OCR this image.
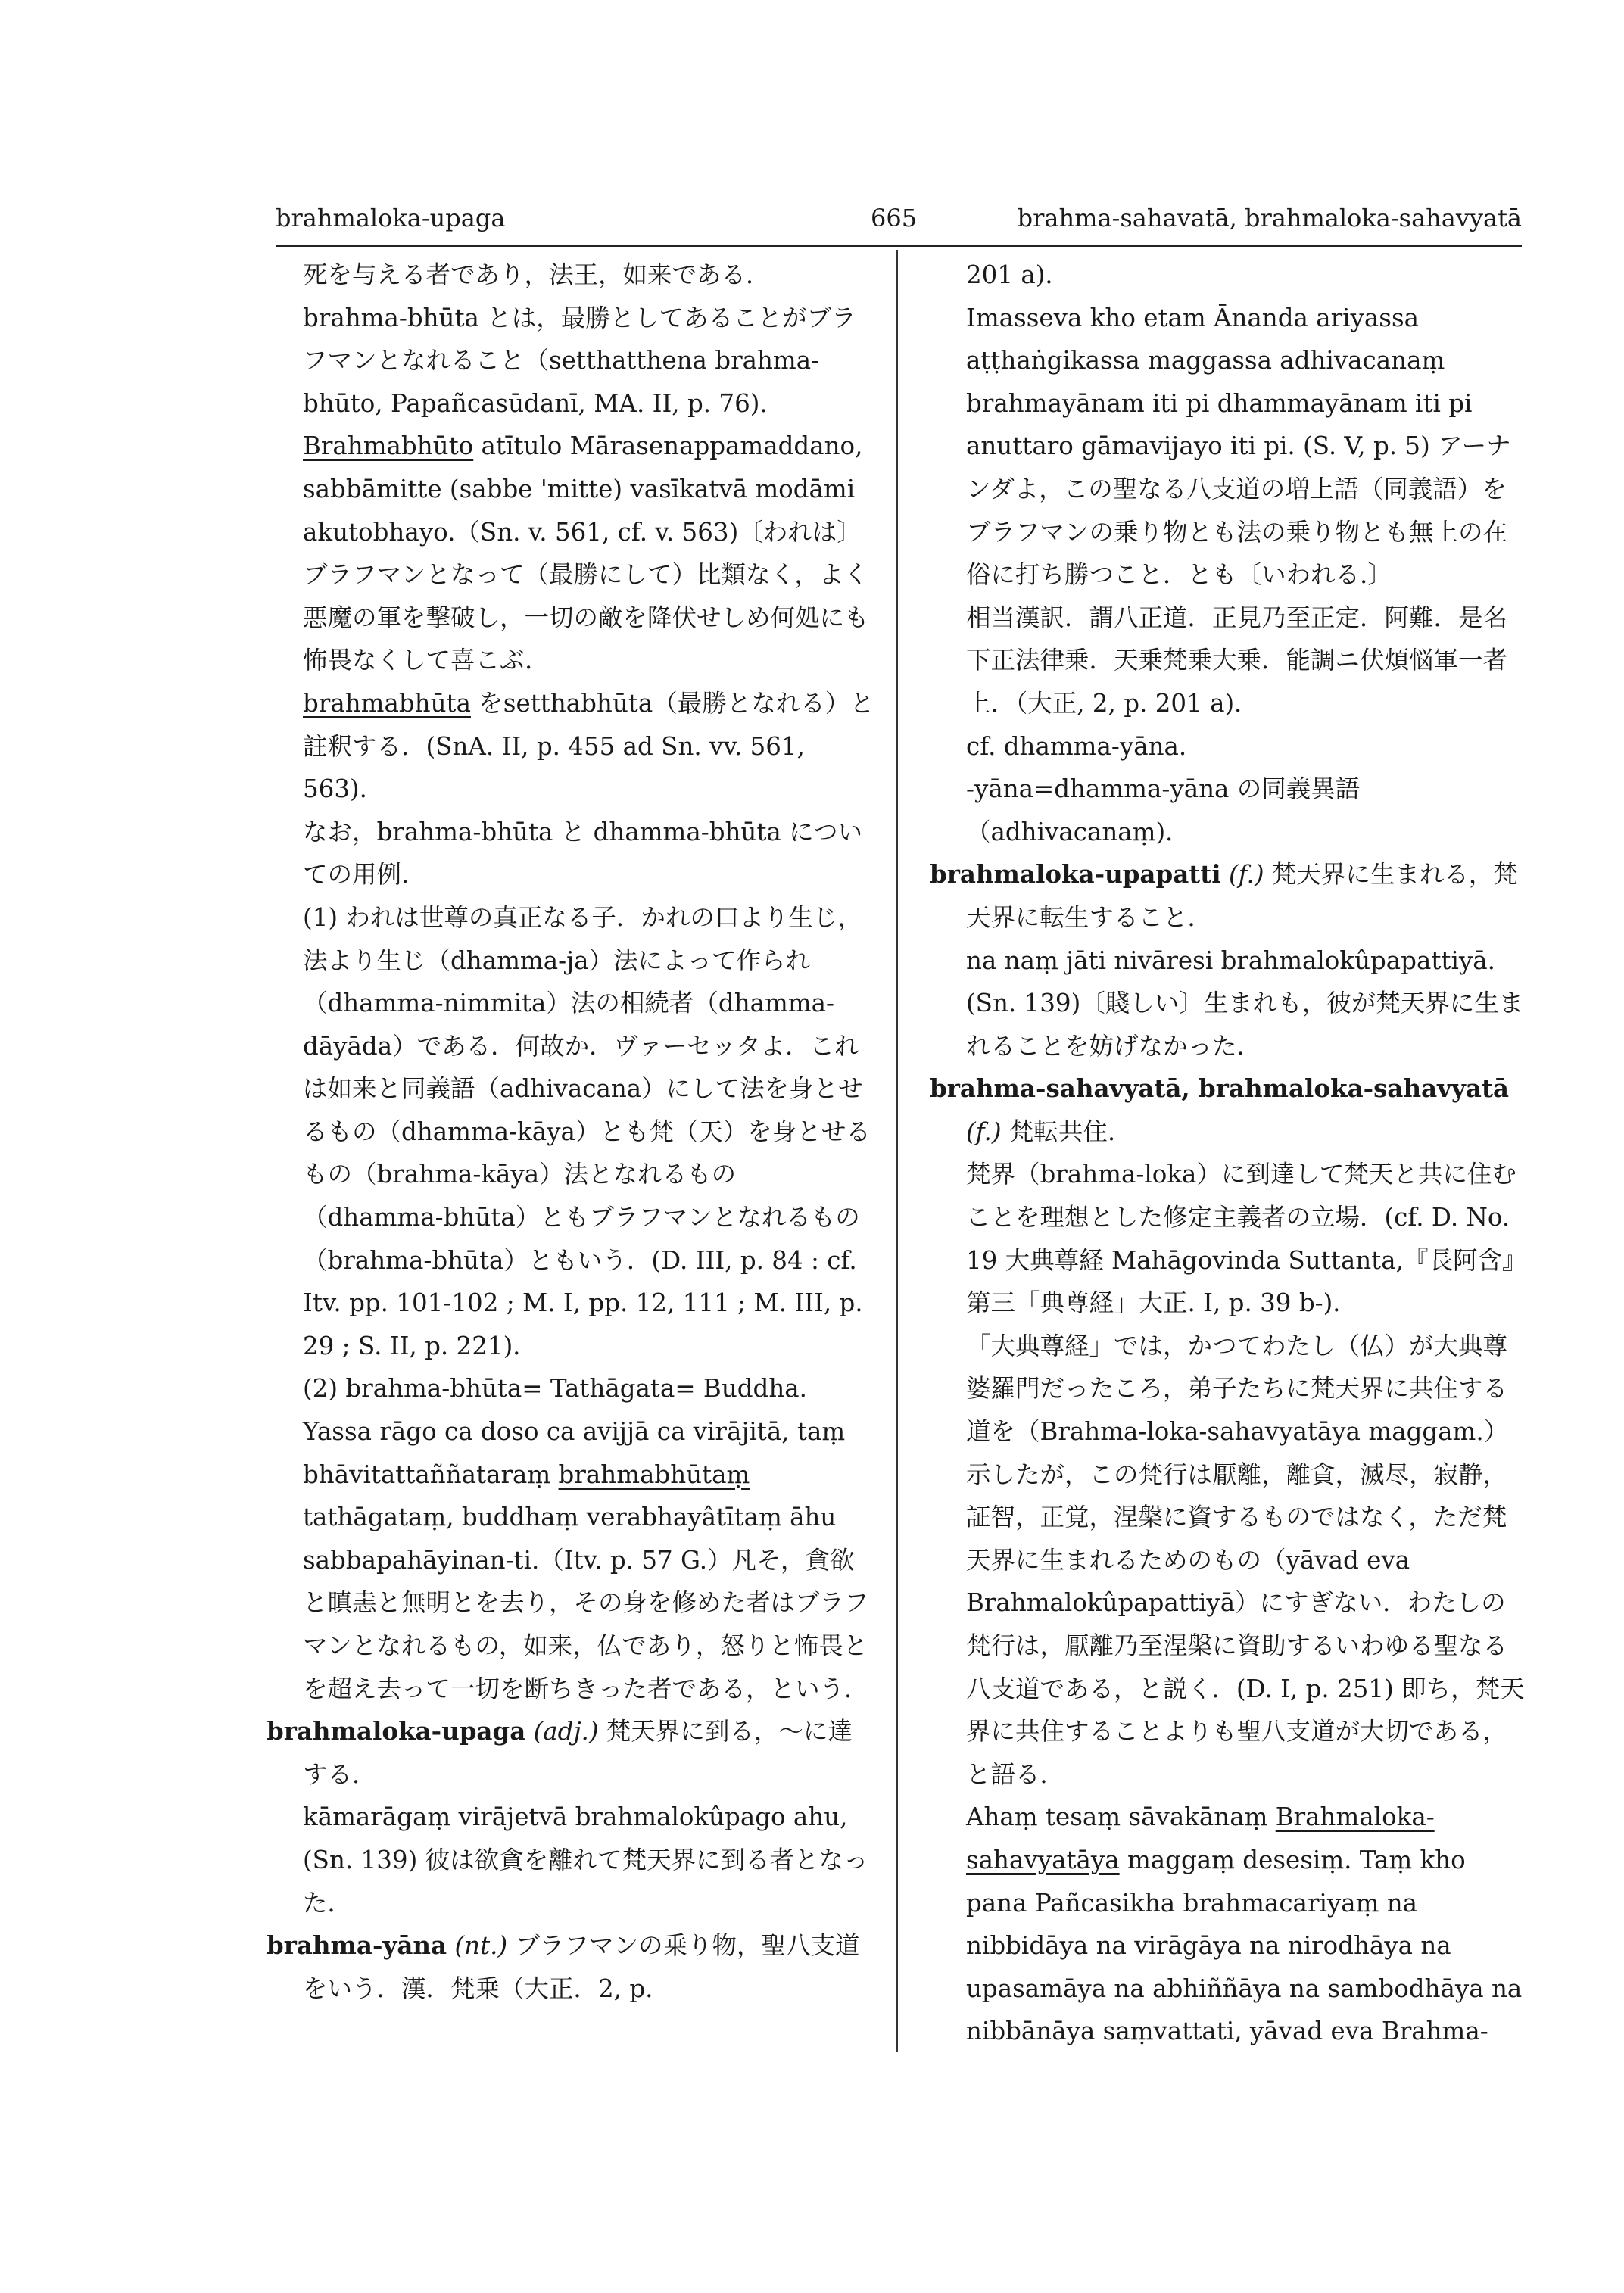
brahmaloka-upaga	665	brahma-sahavatā, brahmaloka-sahavyatā

死を与える者であり，法王，如来である．

brahma-bhūta とは，最勝としてあることがブラフマンとなれること（setthatthena brahma-bhūto, Papañcasūdanī, MA. II, p. 76)．

Brahmabhūto atītulo Mārasenappamaddano, sabbāmitte (sabbe 'mitte) vasīkatvā modāmi akutobhayo.（Sn. v. 561, cf. v. 563)〔われは〕ブラフマンとなって（最勝にして）比類なく，よく悪魔の軍を撃破し，一切の敵を降伏せしめ何処にも怖畏なくして喜こぶ．

brahmabhūta をsetthabhūta（最勝となれる）と註釈する．(SnA. II, p. 455 ad Sn. vv. 561, 563)．

なお，brahma-bhūta と dhamma-bhūta についての用例．

(1) われは世尊の真正なる子．かれの口より生じ，法より生じ（dhamma-ja）法によって作られ（dhamma-nimmita）法の相続者（dhamma-dāyāda）である．何故か．ヴァーセッタよ．これは如来と同義語（adhivacana）にして法を身とせるもの（dhamma-kāya）とも梵（天）を身とせるもの（brahma-kāya）法となれるもの（dhamma-bhūta）ともブラフマンとなれるもの（brahma-bhūta）ともいう．(D. III, p. 84 : cf. Itv. pp. 101-102 ; M. I, pp. 12, 111 ; M. III, p. 29 ; S. II, p. 221)．

(2) brahma-bhūta= Tathāgata= Buddha. Yassa rāgo ca doso ca avijjā ca virājitā, taṃ bhāvitattaññataraṃ brahmabhūtaṃ tathāgataṃ, buddhaṃ verabhayâtītaṃ āhu sabbapahāyinan-ti.（Itv. p. 57 G.）凡そ，貪欲と瞋恚と無明とを去り，その身を修めた者はブラフマンとなれるもの，如来，仏であり，怒りと怖畏とを超え去って一切を断ちきった者である，という．

brahmaloka-upaga (adj.) 梵天界に到る，～に達する．

kāmarāgaṃ virājetvā brahmalokûpago ahu, (Sn. 139) 彼は欲貪を離れて梵天界に到る者となった．

brahma-yāna (nt.) ブラフマンの乗り物，聖八支道をいう．漢．梵乗（大正．2, p.

201 a)．

Imasseva kho etam Ānanda ariyassa aṭṭhaṅgikassa maggassa adhivacanaṃ brahmayānam iti pi dhammayānam iti pi anuttaro gāmavijayo iti pi. (S. V, p. 5) アーナンダよ，この聖なる八支道の増上語（同義語）をブラフマンの乗り物とも法の乗り物とも無上の在俗に打ち勝つこと．とも〔いわれる.〕

相当漢訳．謂八正道．正見乃至正定．阿難．是名下正法律乗．天乗梵乗大乗．能調ニ伏煩悩軍一者上．（大正, 2, p. 201 a)．

cf. dhamma-yāna.

-yāna=dhamma-yāna の同義異語（adhivacanaṃ)．

brahmaloka-upapatti (f.) 梵天界に生まれる，梵天界に転生すること．

na naṃ jāti nivāresi brahmalokûpapattiyā. (Sn. 139)〔賤しい〕生まれも，彼が梵天界に生まれることを妨げなかった．

brahma-sahavyatā, brahmaloka-sahavyatā (f.) 梵転共住.

梵界（brahma-loka）に到達して梵天と共に住むことを理想とした修定主義者の立場．(cf. D. No. 19 大典尊経 Mahāgovinda Suttanta,『長阿含』第三「典尊経」大正. I, p. 39 b-)．

「大典尊経」では，かつてわたし（仏）が大典尊婆羅門だったころ，弟子たちに梵天界に共住する道を（Brahma-loka-sahavyatāya maggam.）示したが，この梵行は厭離，離貪，滅尽，寂静，証智，正覚，涅槃に資するものではなく，ただ梵天界に生まれるためのもの（yāvad eva Brahmalokûpapattiyā）にすぎない．わたしの梵行は，厭離乃至涅槃に資助するいわゆる聖なる八支道である，と説く．(D. I, p. 251) 即ち，梵天界に共住することよりも聖八支道が大切である，と語る．

Ahaṃ tesaṃ sāvakānaṃ Brahmaloka-sahavyatāya maggaṃ desesiṃ. Taṃ kho pana Pañcasikha brahmacariyaṃ na nibbidāya na virāgāya na nirodhāya na upasamāya na abhiññāya na sambodhāya na nibbānāya saṃvattati, yāvad eva Brahma-
